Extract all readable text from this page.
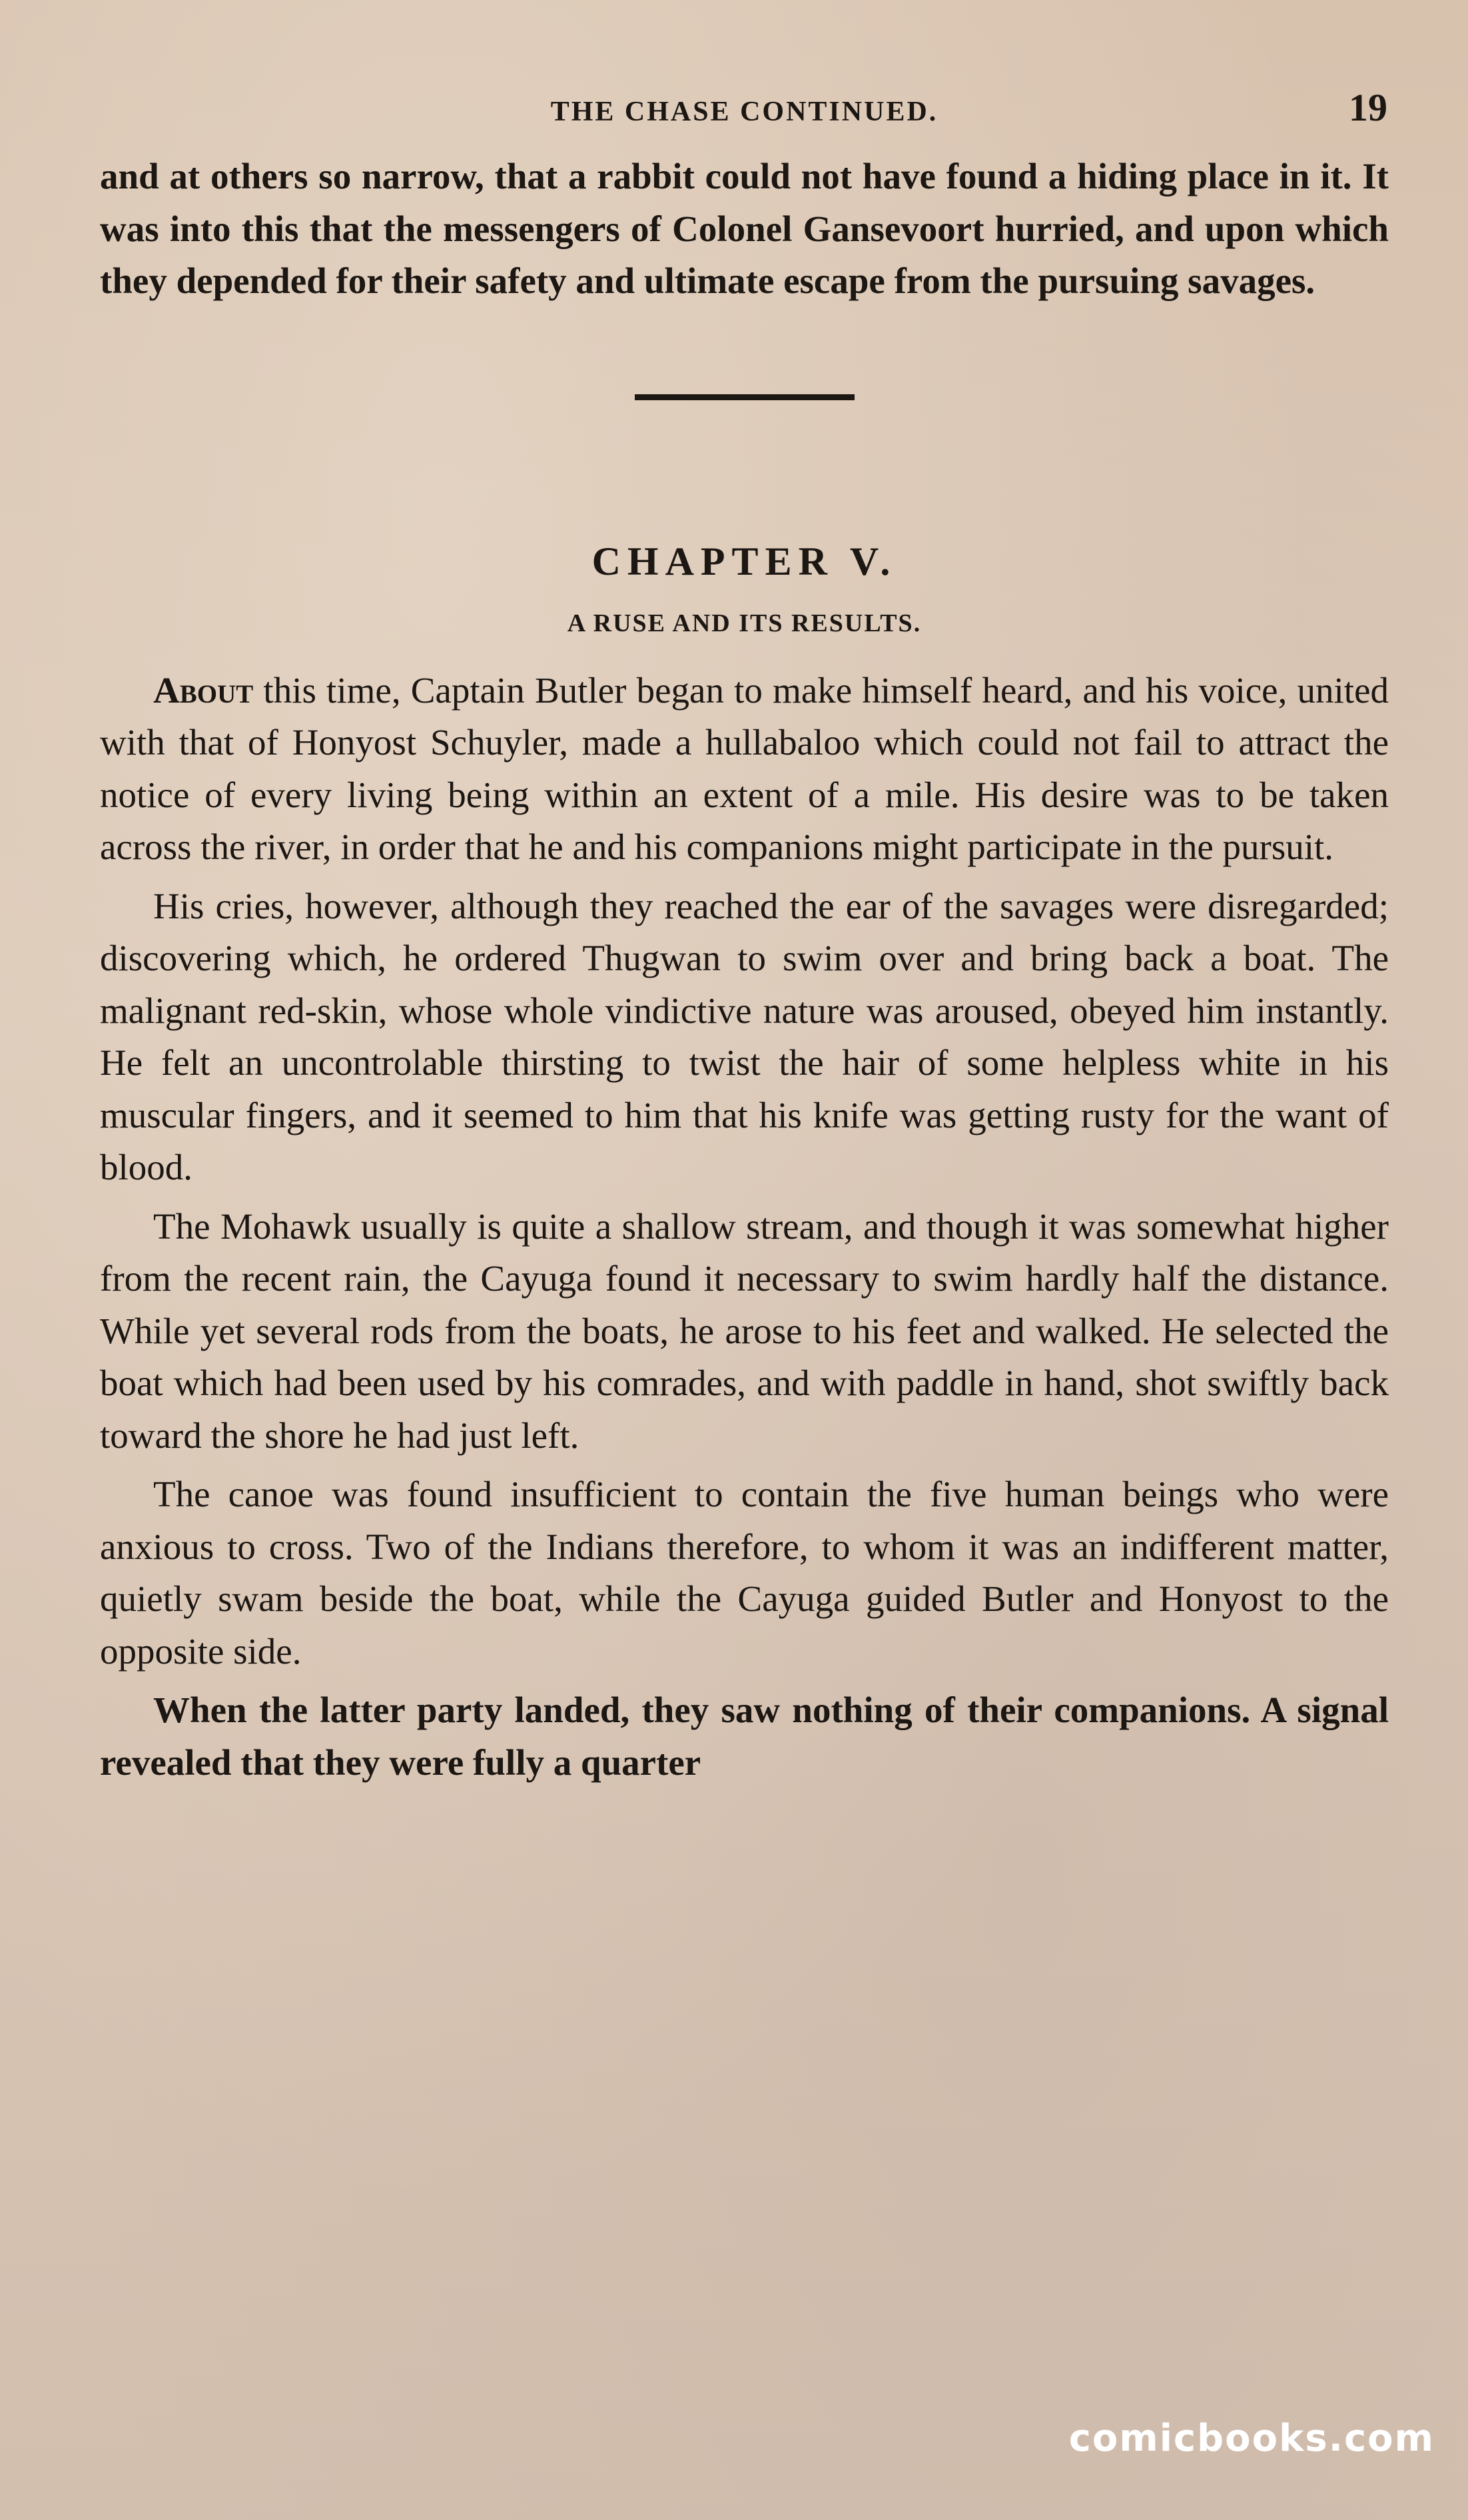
THE CHASE CONTINUED.	19

and at others so narrow, that a rabbit could not have found a hiding place in it. It was into this that the messengers of Colonel Gansevoort hurried, and upon which they depended for their safety and ultimate escape from the pursuing savages.

CHAPTER V.
A RUSE AND ITS RESULTS.

About this time, Captain Butler began to make himself heard, and his voice, united with that of Honyost Schuyler, made a hullabaloo which could not fail to attract the notice of every living being within an extent of a mile. His desire was to be taken across the river, in order that he and his companions might participate in the pursuit.

His cries, however, although they reached the ear of the savages were disregarded; discovering which, he ordered Thugwan to swim over and bring back a boat. The malignant red-skin, whose whole vindictive nature was aroused, obeyed him instantly. He felt an uncontrolable thirsting to twist the hair of some helpless white in his muscular fingers, and it seemed to him that his knife was getting rusty for the want of blood.

The Mohawk usually is quite a shallow stream, and though it was somewhat higher from the recent rain, the Cayuga found it necessary to swim hardly half the distance. While yet several rods from the boats, he arose to his feet and walked. He selected the boat which had been used by his comrades, and with paddle in hand, shot swiftly back toward the shore he had just left.

The canoe was found insufficient to contain the five human beings who were anxious to cross. Two of the Indians therefore, to whom it was an indifferent matter, quietly swam beside the boat, while the Cayuga guided Butler and Honyost to the opposite side.

When the latter party landed, they saw nothing of their companions. A signal revealed that they were fully a quarter

comicbooks.com
